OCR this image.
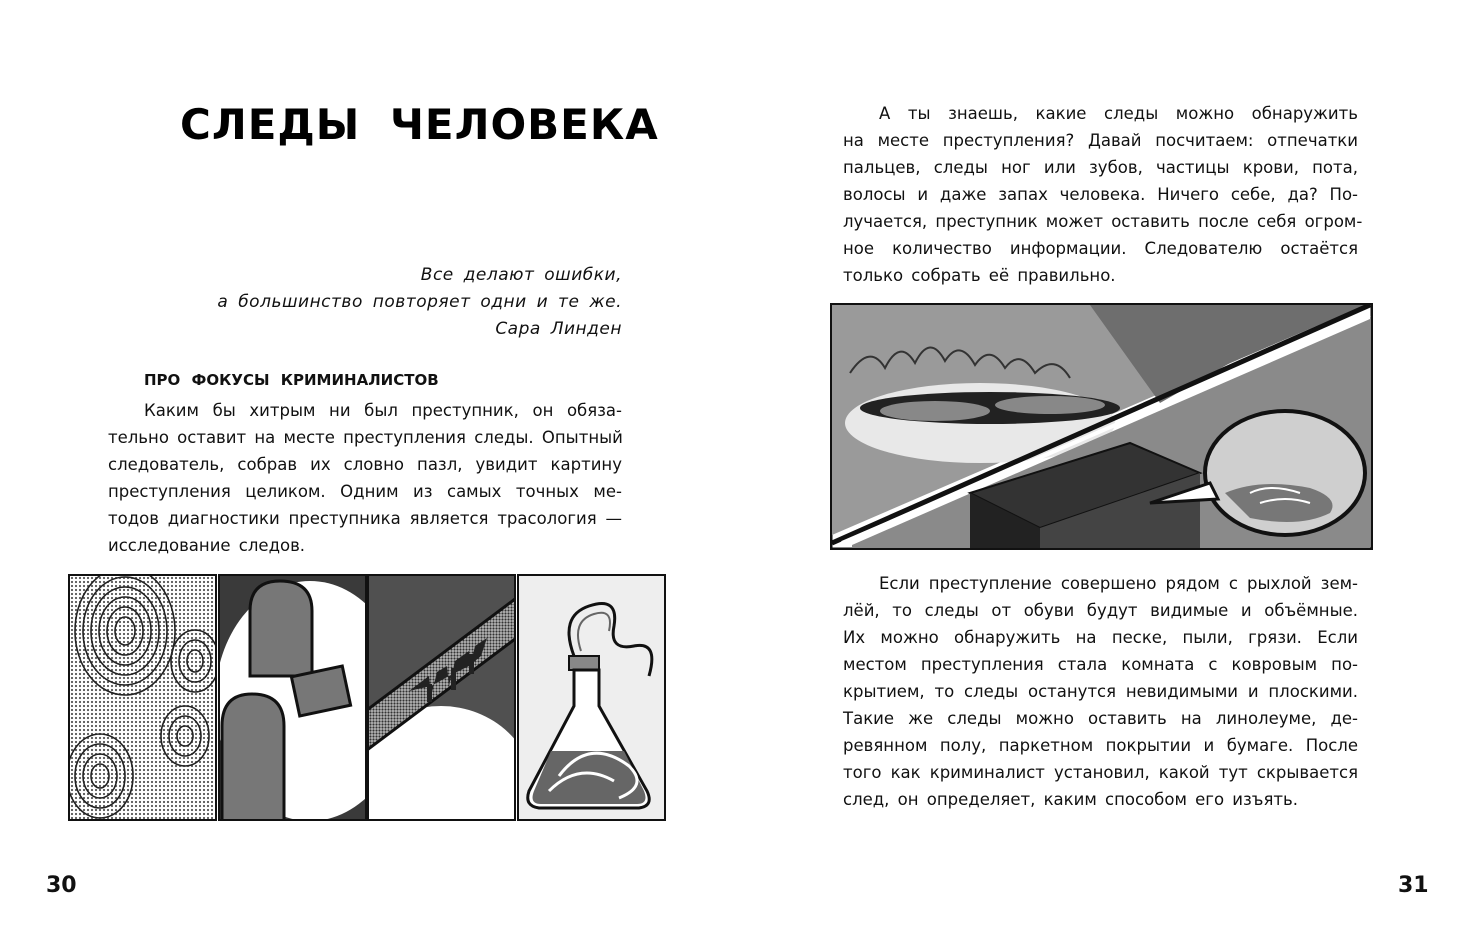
СЛЕДЫ ЧЕЛОВЕКА
Все делают ошибки,
а большинство повторяет одни и те же.
Сара Линден
ПРО ФОКУСЫ КРИМИНАЛИСТОВ
Каким бы хитрым ни был преступник, он обяза-
тельно оставит на месте преступления следы. Опытный
следователь, собрав их словно пазл, увидит картину
преступления целиком. Одним из самых точных ме-
тодов диагностики преступника является трасология —
исследование следов.
30
А ты знаешь, какие следы можно обнаружить
на месте преступления? Давай посчитаем: отпечатки
пальцев, следы ног или зубов, частицы крови, пота,
волосы и даже запах человека. Ничего себе, да? По-
лучается, преступник может оставить после себя огром-
ное количество информации. Следователю остаётся
только собрать её правильно.
Если преступление совершено рядом с рыхлой зем-
лёй, то следы от обуви будут видимые и объёмные.
Их можно обнаружить на песке, пыли, грязи. Если
местом преступления стала комната с ковровым по-
крытием, то следы останутся невидимыми и плоскими.
Такие же следы можно оставить на линолеуме, де-
ревянном полу, паркетном покрытии и бумаге. После
того как криминалист установил, какой тут скрывается
след, он определяет, каким способом его изъять.
31
